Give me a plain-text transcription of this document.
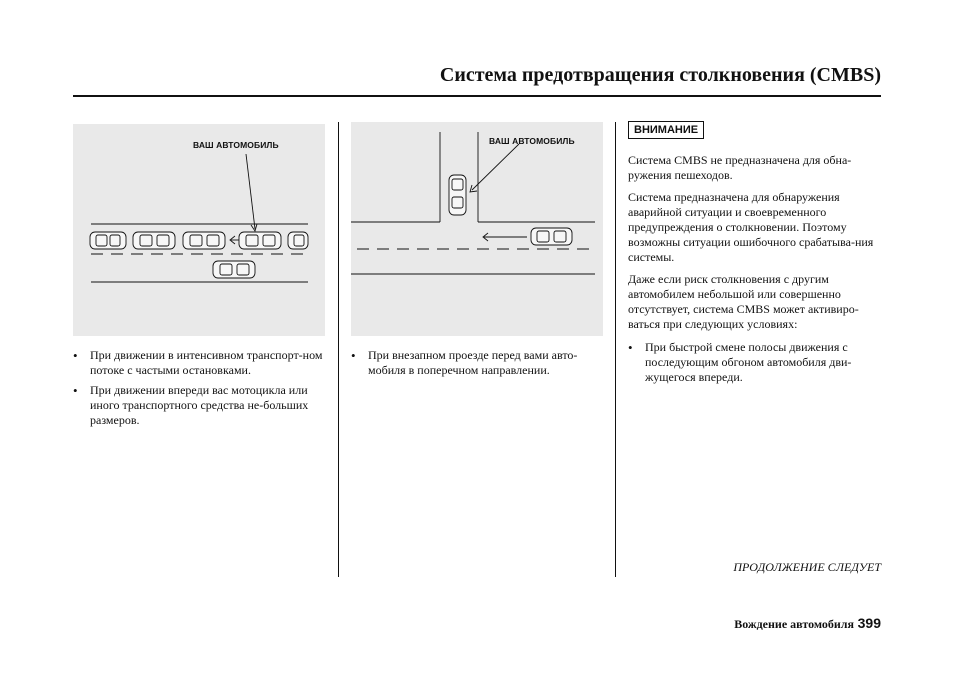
Система предотвращения столкновения (CMBS)
ВАШ АВТОМОБИЛЬ	ВАШ АВТОМОБИЛЬ
• При движении в интенсивном транспорт-ном потоке с частыми остановками.
• При движении впереди вас мотоцикла или иного транспортного средства не-больших размеров.
• При внезапном проезде перед вами авто-мобиля в поперечном направлении.
ВНИМАНИЕ

Система CMBS не предназначена для обна-ружения пешеходов.

Система предназначена для обнаружения аварийной ситуации и своевременного предупреждения о столкновении. Поэтому возможны ситуации ошибочного срабатыва-ния системы.

Даже если риск столкновения с другим автомобилем небольшой или совершенно отсутствует, система CMBS может активиро-ваться при следующих условиях:

• При быстрой смене полосы движения с последующим обгоном автомобиля дви-жущегося впереди.
ПРОДОЛЖЕНИЕ СЛЕДУЕТ
Вождение автомобиля 399
